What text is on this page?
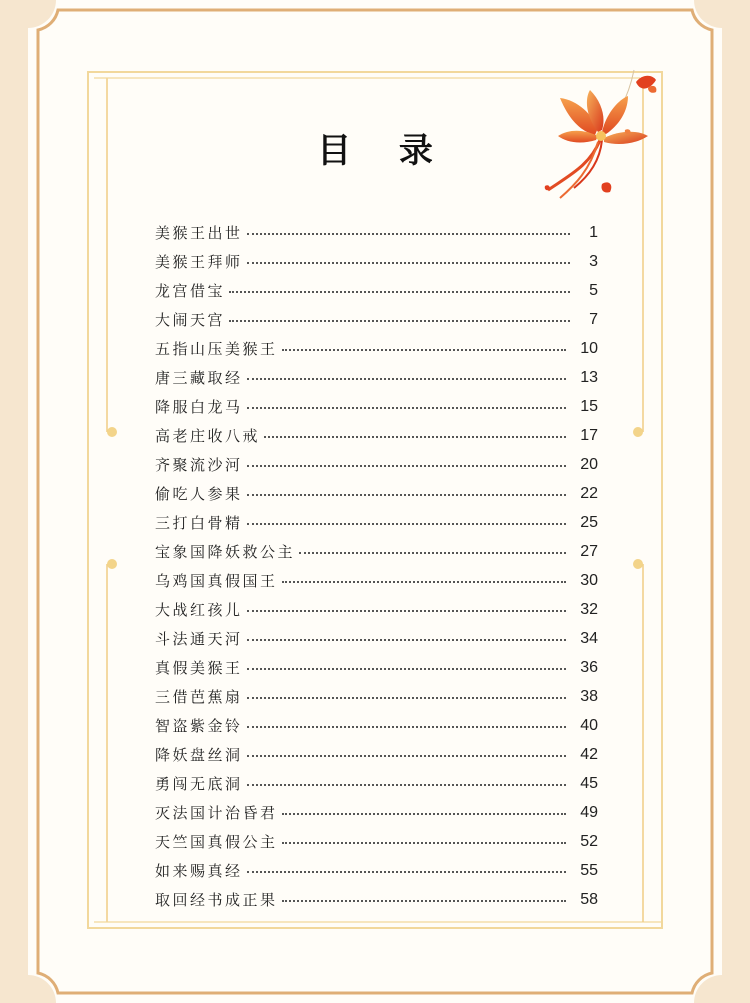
目 录
美猴王出世	1
美猴王拜师	3
龙宫借宝	5
大闹天宫	7
五指山压美猴王	10
唐三藏取经	13
降服白龙马	15
高老庄收八戒	17
齐聚流沙河	20
偷吃人参果	22
三打白骨精	25
宝象国降妖救公主	27
乌鸡国真假国王	30
大战红孩儿	32
斗法通天河	34
真假美猴王	36
三借芭蕉扇	38
智盗紫金铃	40
降妖盘丝洞	42
勇闯无底洞	45
灭法国计治昏君	49
天竺国真假公主	52
如来赐真经	55
取回经书成正果	58
